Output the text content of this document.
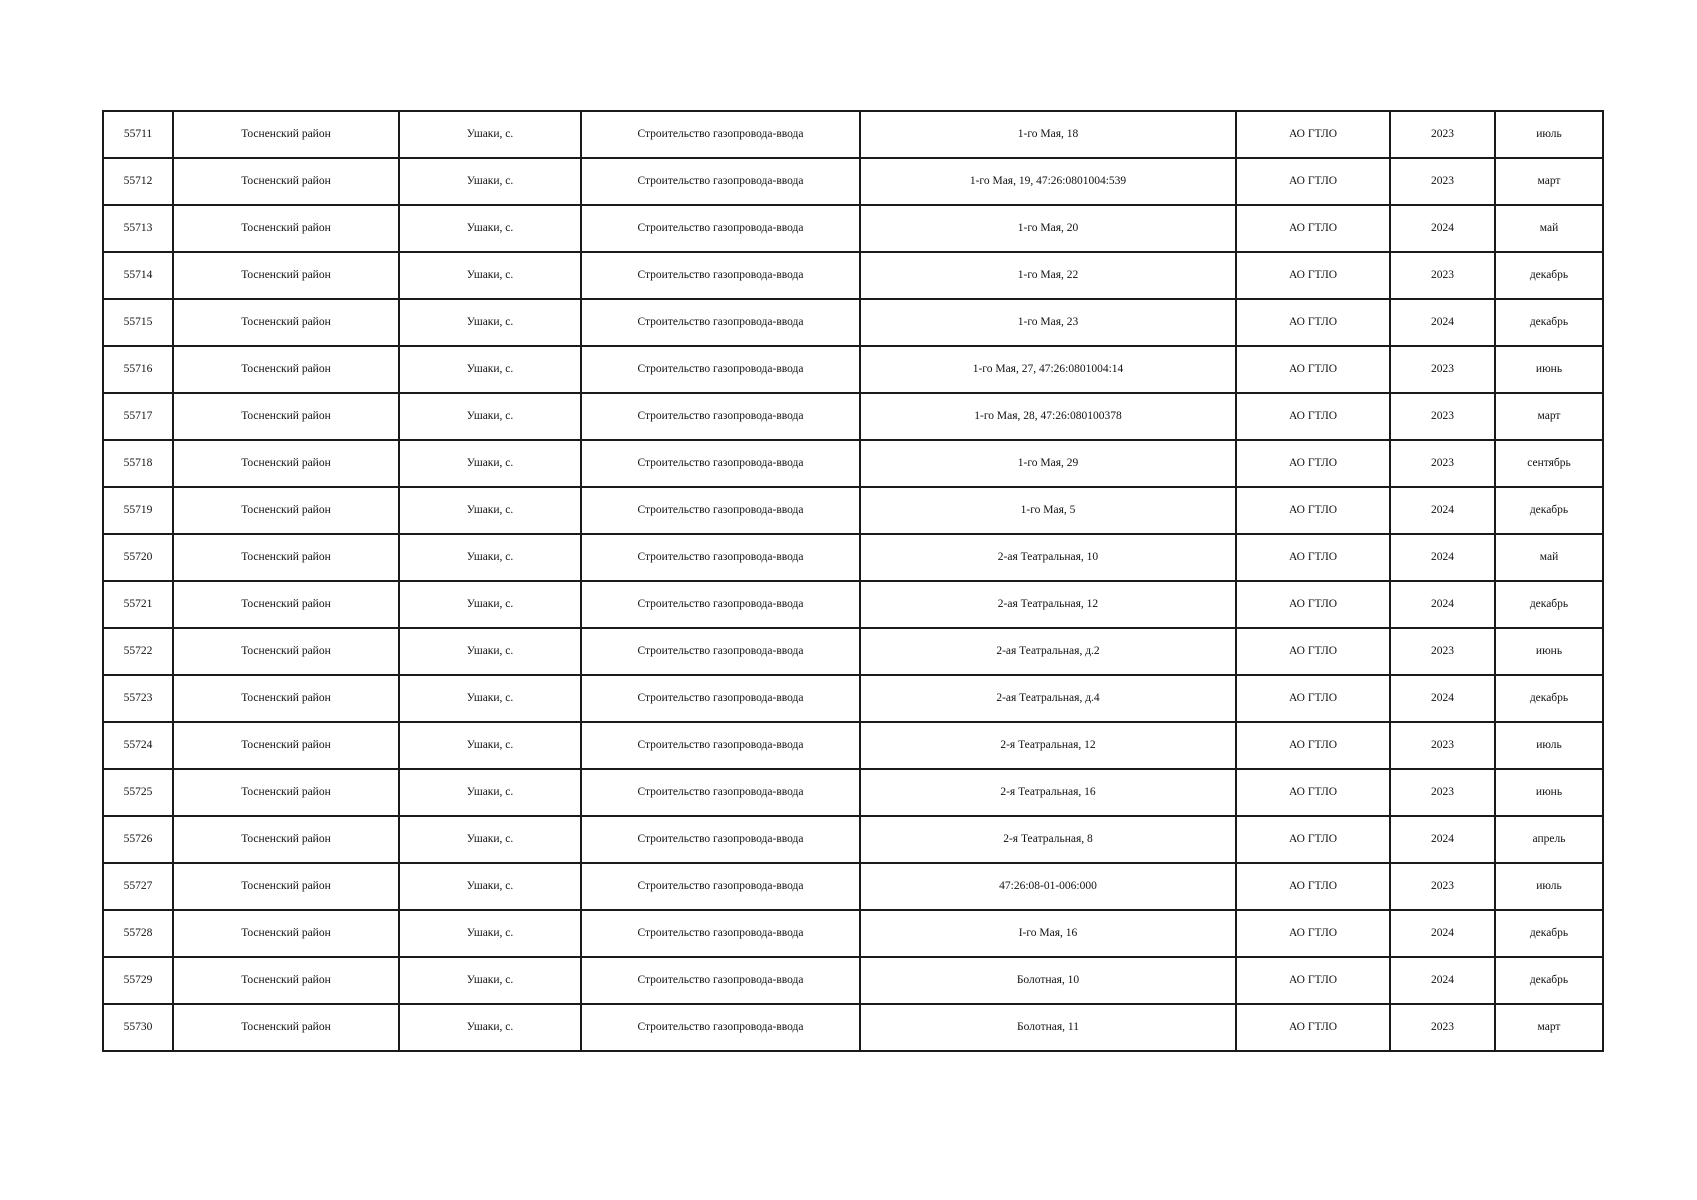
55711	Тосненский район	Ушаки, с.	Строительство газопровода-ввода	1-го Мая, 18	АО ГТЛО	2023	июль
55712	Тосненский район	Ушаки, с.	Строительство газопровода-ввода	1-го Мая, 19, 47:26:0801004:539	АО ГТЛО	2023	март
55713	Тосненский район	Ушаки, с.	Строительство газопровода-ввода	1-го Мая, 20	АО ГТЛО	2024	май
55714	Тосненский район	Ушаки, с.	Строительство газопровода-ввода	1-го Мая, 22	АО ГТЛО	2023	декабрь
55715	Тосненский район	Ушаки, с.	Строительство газопровода-ввода	1-го Мая, 23	АО ГТЛО	2024	декабрь
55716	Тосненский район	Ушаки, с.	Строительство газопровода-ввода	1-го Мая, 27, 47:26:0801004:14	АО ГТЛО	2023	июнь
55717	Тосненский район	Ушаки, с.	Строительство газопровода-ввода	1-го Мая, 28, 47:26:080100378	АО ГТЛО	2023	март
55718	Тосненский район	Ушаки, с.	Строительство газопровода-ввода	1-го Мая, 29	АО ГТЛО	2023	сентябрь
55719	Тосненский район	Ушаки, с.	Строительство газопровода-ввода	1-го Мая, 5	АО ГТЛО	2024	декабрь
55720	Тосненский район	Ушаки, с.	Строительство газопровода-ввода	2-ая Театральная, 10	АО ГТЛО	2024	май
55721	Тосненский район	Ушаки, с.	Строительство газопровода-ввода	2-ая Театральная, 12	АО ГТЛО	2024	декабрь
55722	Тосненский район	Ушаки, с.	Строительство газопровода-ввода	2-ая Театральная, д.2	АО ГТЛО	2023	июнь
55723	Тосненский район	Ушаки, с.	Строительство газопровода-ввода	2-ая Театральная, д.4	АО ГТЛО	2024	декабрь
55724	Тосненский район	Ушаки, с.	Строительство газопровода-ввода	2-я Театральная, 12	АО ГТЛО	2023	июль
55725	Тосненский район	Ушаки, с.	Строительство газопровода-ввода	2-я Театральная, 16	АО ГТЛО	2023	июнь
55726	Тосненский район	Ушаки, с.	Строительство газопровода-ввода	2-я Театральная, 8	АО ГТЛО	2024	апрель
55727	Тосненский район	Ушаки, с.	Строительство газопровода-ввода	47:26:08-01-006:000	АО ГТЛО	2023	июль
55728	Тосненский район	Ушаки, с.	Строительство газопровода-ввода	I-го Мая, 16	АО ГТЛО	2024	декабрь
55729	Тосненский район	Ушаки, с.	Строительство газопровода-ввода	Болотная, 10	АО ГТЛО	2024	декабрь
55730	Тосненский район	Ушаки, с.	Строительство газопровода-ввода	Болотная, 11	АО ГТЛО	2023	март
